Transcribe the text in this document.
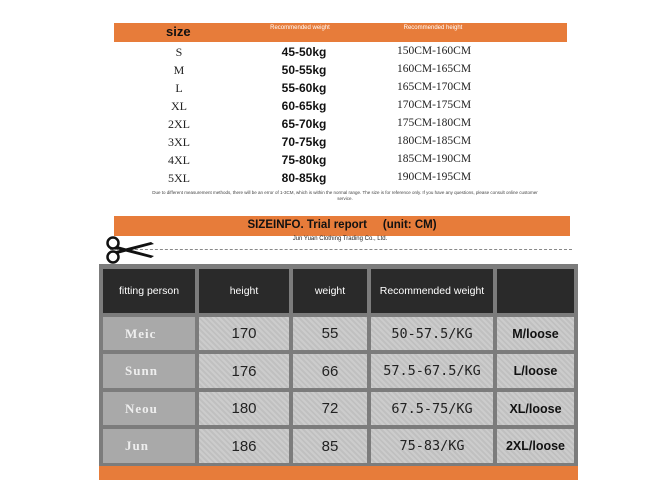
size	Recommended weight	Recommended height
S	45-50kg	150CM-160CM
M	50-55kg	160CM-165CM
L	55-60kg	165CM-170CM
XL	60-65kg	170CM-175CM
2XL	65-70kg	175CM-180CM
3XL	70-75kg	180CM-185CM
4XL	75-80kg	185CM-190CM
5XL	80-85kg	190CM-195CM
Due to different measurement methods, there will be an error of 1-3CM, which is within the normal range. The size is for reference only. If you have any questions, please consult online customer service.
SIZEINFO. Trial report     (unit: CM)
Jun Yuan Clothing Trading Co., Ltd.
fitting person	height	weight	Recommended weight
Meic	170	55	50-57.5/KG	M/loose
Sunn	176	66	57.5-67.5/KG	L/loose
Neou	180	72	67.5-75/KG	XL/loose
Jun	186	85	75-83/KG	2XL/loose
